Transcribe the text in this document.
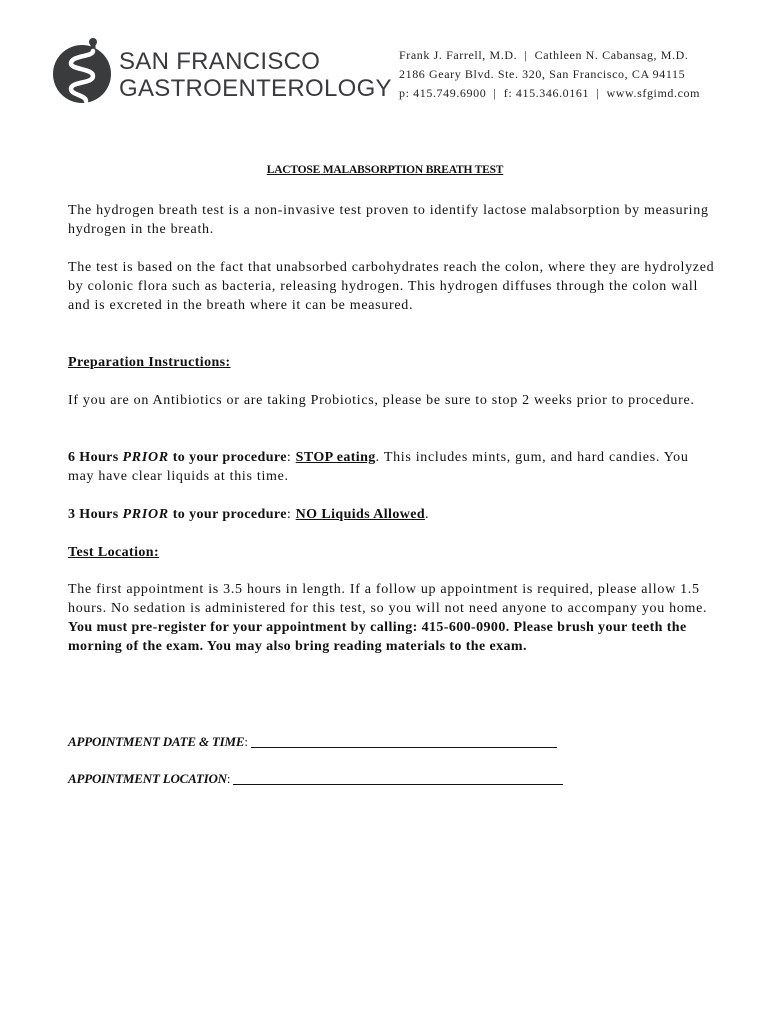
SAN FRANCISCO
GASTROENTEROLOGY
Frank J. Farrell, M.D.  |  Cathleen N. Cabansag, M.D.
2186 Geary Blvd. Ste. 320, San Francisco, CA 94115
p: 415.749.6900  |  f: 415.346.0161  |  www.sfgimd.com
LACTOSE MALABSORPTION BREATH TEST

The hydrogen breath test is a non-invasive test proven to identify lactose malabsorption by measuring hydrogen in the breath.

The test is based on the fact that unabsorbed carbohydrates reach the colon, where they are hydrolyzed by colonic flora such as bacteria, releasing hydrogen. This hydrogen diffuses through the colon wall and is excreted in the breath where it can be measured.

Preparation Instructions:

If you are on Antibiotics or are taking Probiotics, please be sure to stop 2 weeks prior to procedure.

6 Hours PRIOR to your procedure: STOP eating. This includes mints, gum, and hard candies. You may have clear liquids at this time.

3 Hours PRIOR to your procedure: NO Liquids Allowed.

Test Location:

The first appointment is 3.5 hours in length. If a follow up appointment is required, please allow 1.5 hours. No sedation is administered for this test, so you will not need anyone to accompany you home. You must pre-register for your appointment by calling: 415-600-0900. Please brush your teeth the morning of the exam. You may also bring reading materials to the exam.

APPOINTMENT DATE & TIME:
APPOINTMENT LOCATION:
